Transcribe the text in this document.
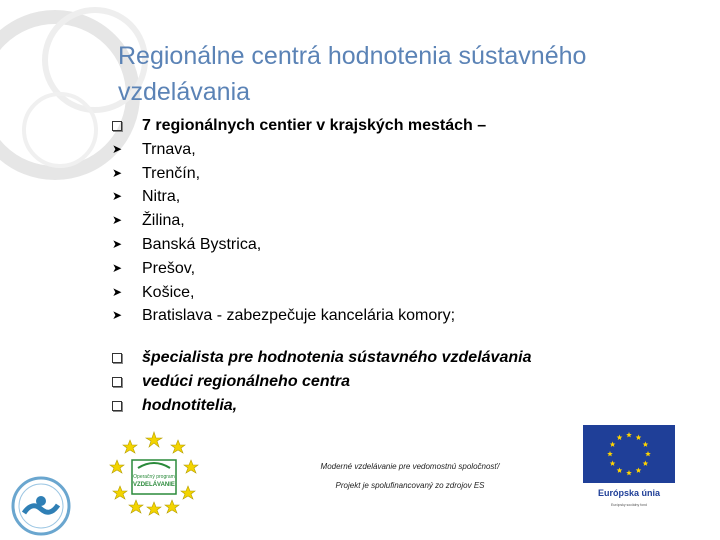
Regionálne centrá hodnotenia sústavného vzdelávania
7 regionálnych centier v krajských mestách –
➤	Trnava,
➤	Trenčín,
➤	Nitra,
➤	Žilina,
➤	Banská Bystrica,
➤	Prešov,
➤	Košice,
➤	Bratislava - zabezpečuje kancelária komory;
špecialista pre hodnotenia sústavného vzdelávania
vedúci regionálneho centra
hodnotitelia,
Moderné vzdelávanie pre vedomostnú spoločnosť/
Projekt je spolufinancovaný zo zdrojov ES
Operačný program
VZDELÁVANIE
Európska únia
Európsky sociálny fond
